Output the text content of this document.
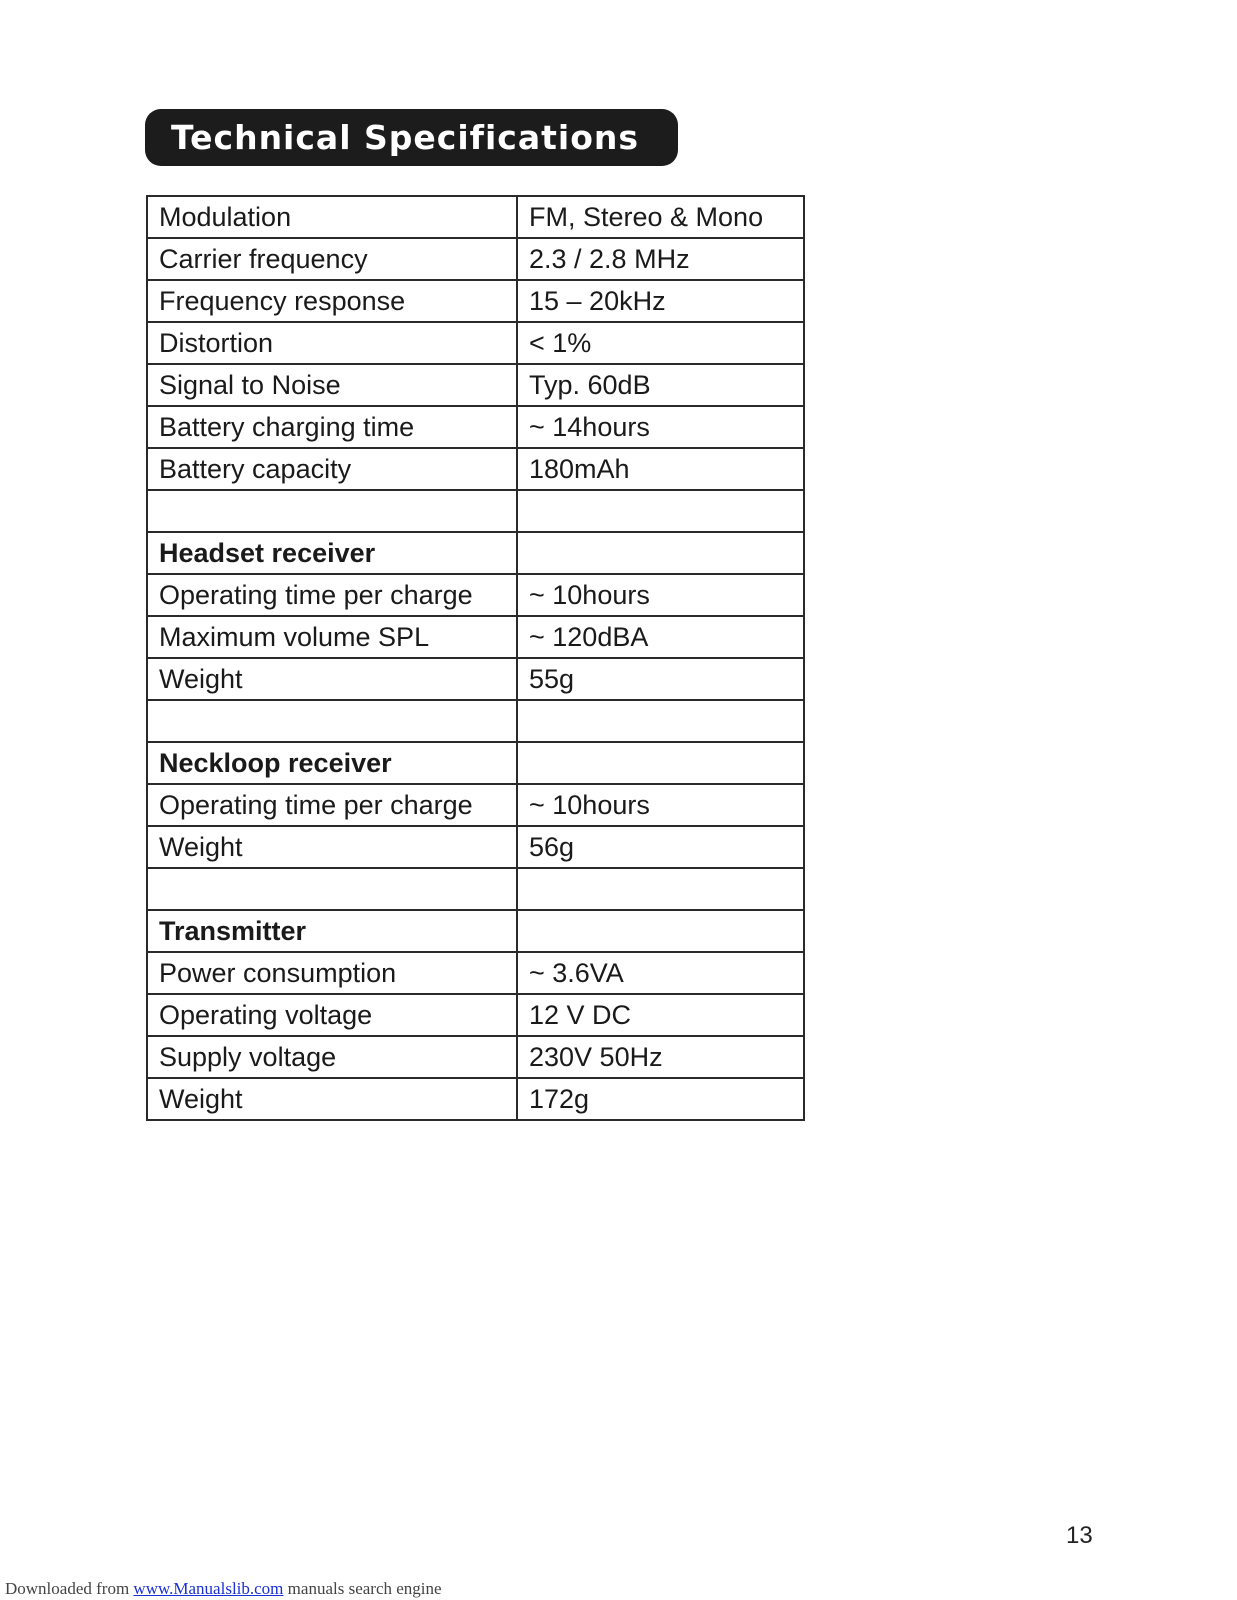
Technical Specifications
Modulation	FM, Stereo & Mono
Carrier frequency	2.3 / 2.8 MHz
Frequency response	15 – 20kHz
Distortion	< 1%
Signal to Noise	Typ. 60dB
Battery charging time	~ 14hours
Battery capacity	180mAh

Headset receiver	
Operating time per charge	~ 10hours
Maximum volume SPL	~ 120dBA
Weight	55g

Neckloop receiver	
Operating time per charge	~ 10hours
Weight	56g

Transmitter	
Power consumption	~ 3.6VA
Operating voltage	12 V DC
Supply voltage	230V 50Hz
Weight	172g
13
Downloaded from www.Manualslib.com manuals search engine
